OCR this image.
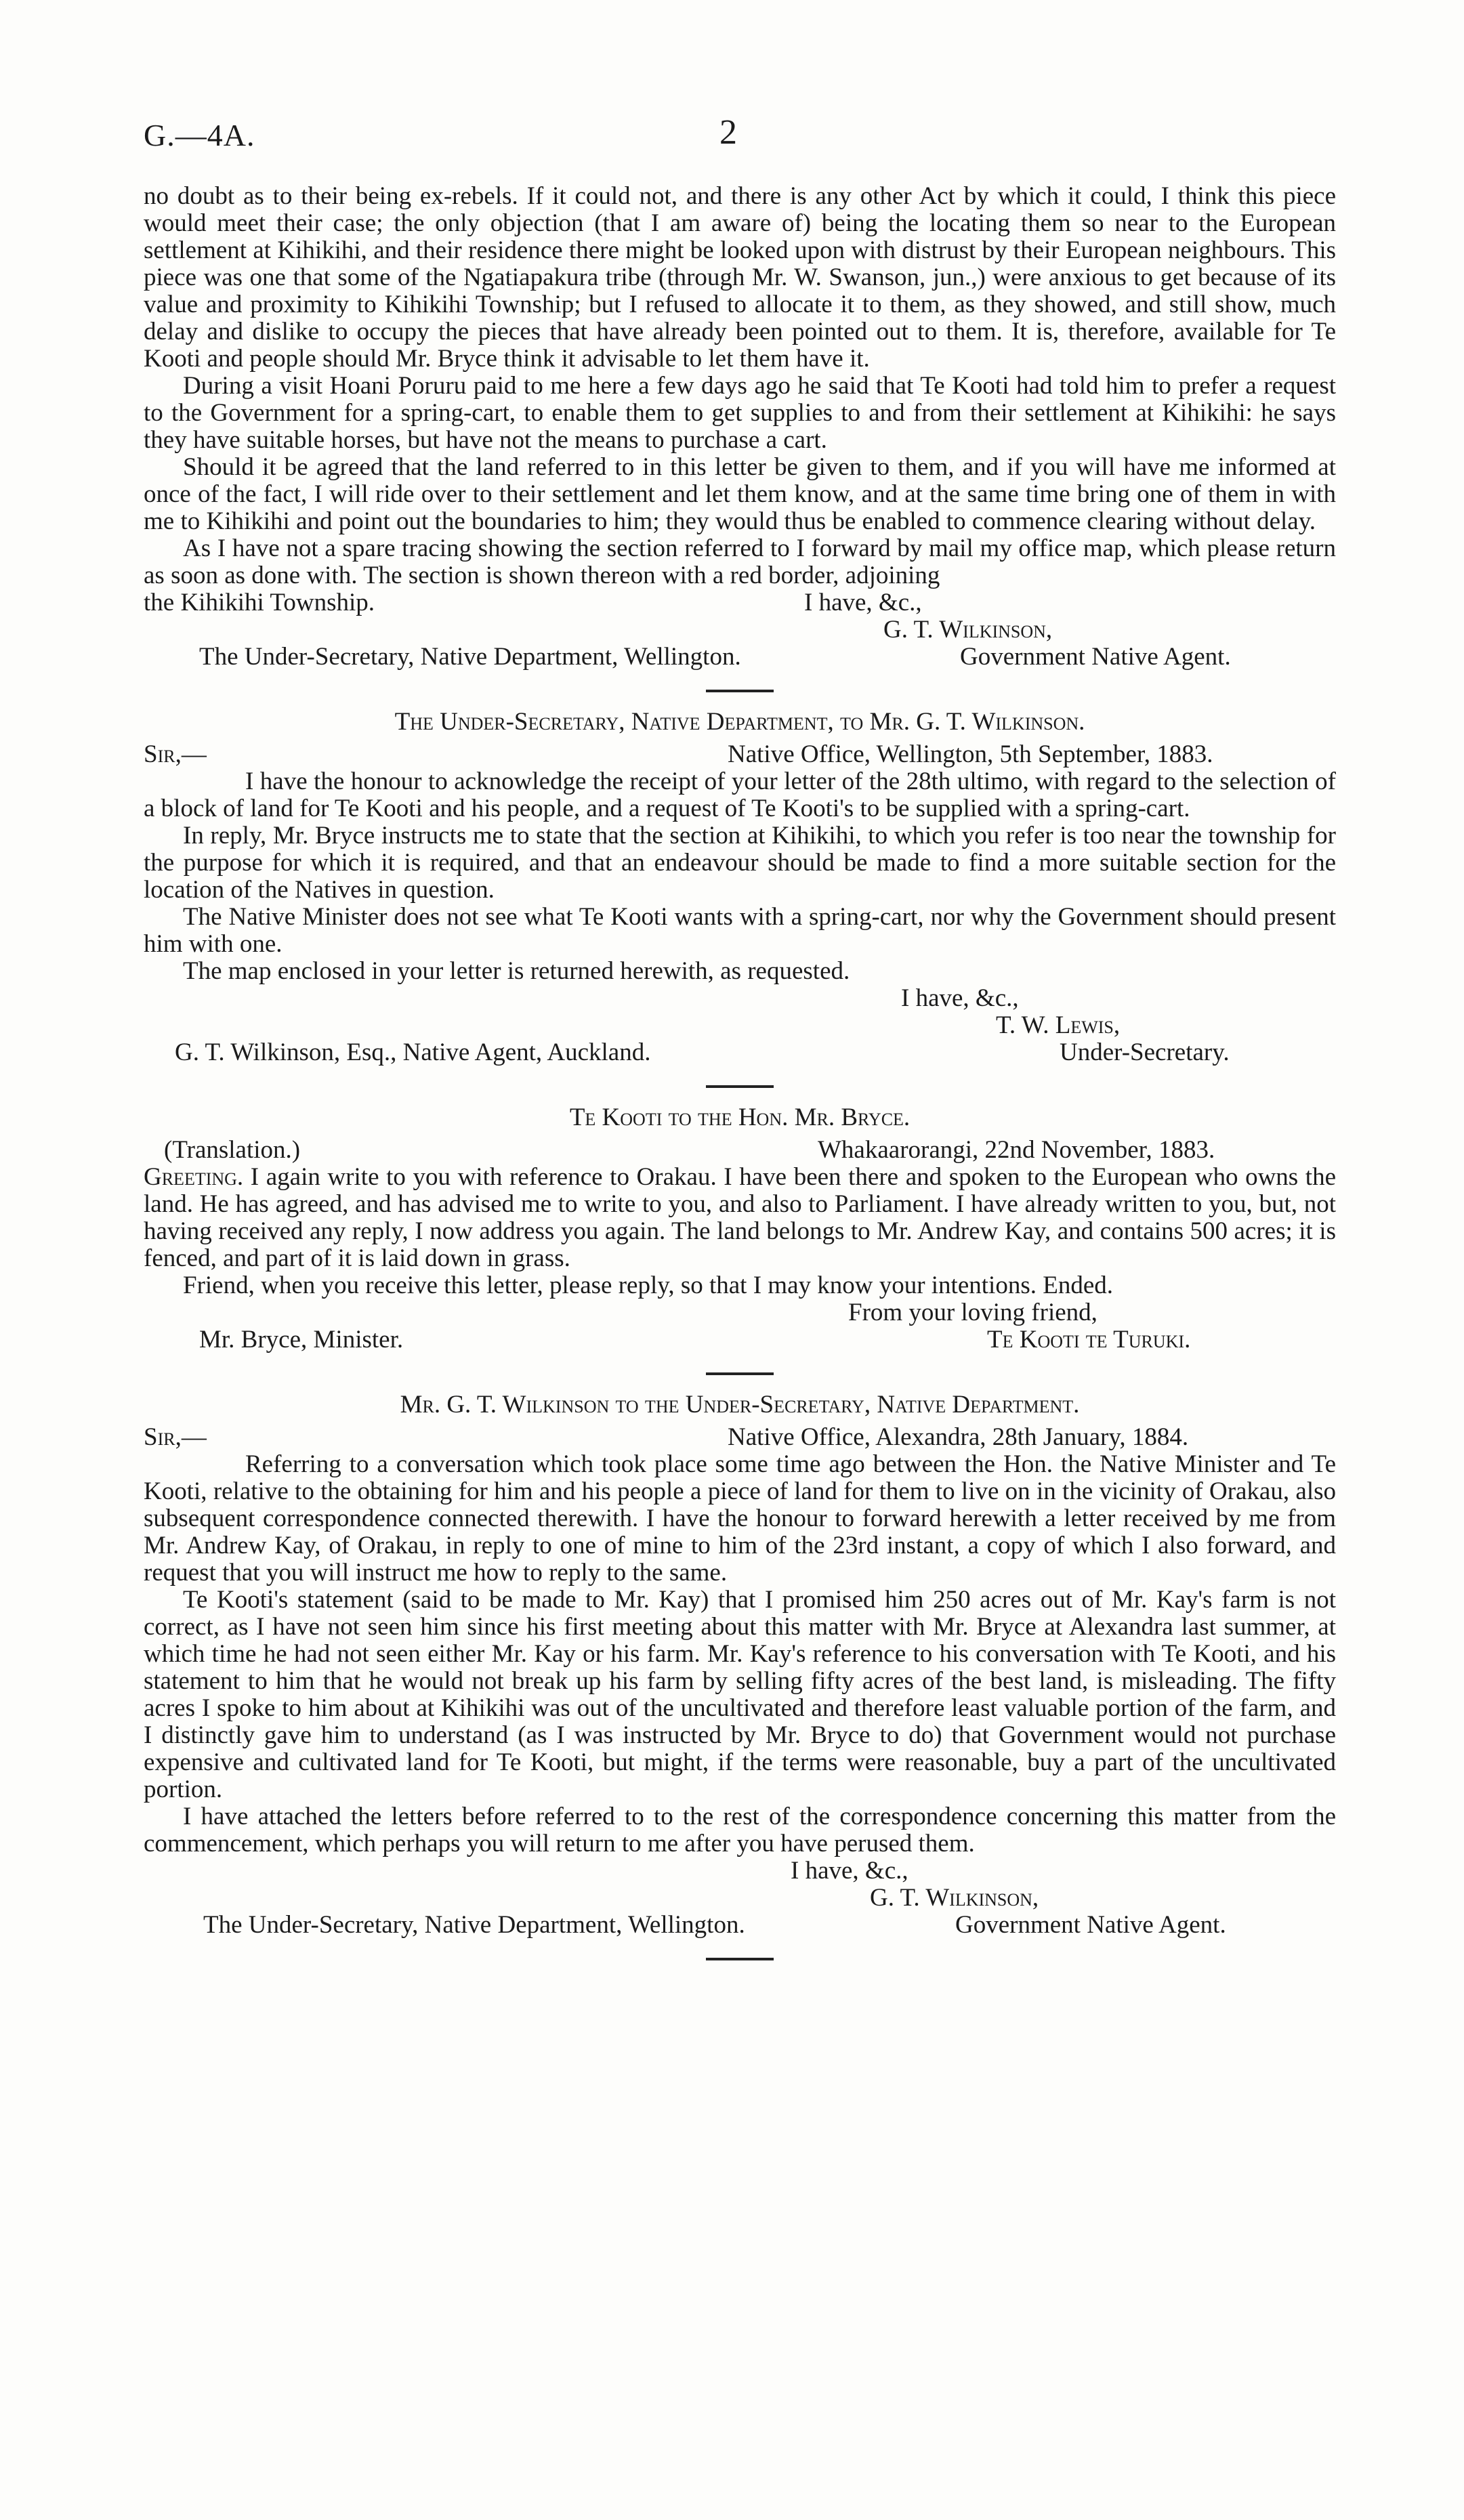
G.—4A.	2

no doubt as to their being ex-rebels. If it could not, and there is any other Act by which it could, I think this piece would meet their case; the only objection (that I am aware of) being the locating them so near to the European settlement at Kihikihi, and their residence there might be looked upon with distrust by their European neighbours. This piece was one that some of the Ngatiapakura tribe (through Mr. W. Swanson, jun.,) were anxious to get because of its value and proximity to Kihikihi Township; but I refused to allocate it to them, as they showed, and still show, much delay and dislike to occupy the pieces that have already been pointed out to them. It is, therefore, available for Te Kooti and people should Mr. Bryce think it advisable to let them have it.

During a visit Hoani Poruru paid to me here a few days ago he said that Te Kooti had told him to prefer a request to the Government for a spring-cart, to enable them to get supplies to and from their settlement at Kihikihi: he says they have suitable horses, but have not the means to purchase a cart.

Should it be agreed that the land referred to in this letter be given to them, and if you will have me informed at once of the fact, I will ride over to their settlement and let them know, and at the same time bring one of them in with me to Kihikihi and point out the boundaries to him; they would thus be enabled to commence clearing without delay.

As I have not a spare tracing showing the section referred to I forward by mail my office map, which please return as soon as done with. The section is shown thereon with a red border, adjoining

the Kihikihi Township.	I have, &c.,
G. T. Wilkinson,
The Under-Secretary, Native Department, Wellington.	Government Native Agent.
The Under-Secretary, Native Department, to Mr. G. T. Wilkinson.
Sir,—	Native Office, Wellington, 5th September, 1883.

I have the honour to acknowledge the receipt of your letter of the 28th ultimo, with regard to the selection of a block of land for Te Kooti and his people, and a request of Te Kooti's to be supplied with a spring-cart.

In reply, Mr. Bryce instructs me to state that the section at Kihikihi, to which you refer is too near the township for the purpose for which it is required, and that an endeavour should be made to find a more suitable section for the location of the Natives in question.

The Native Minister does not see what Te Kooti wants with a spring-cart, nor why the Government should present him with one.

The map enclosed in your letter is returned herewith, as requested.

I have, &c.,
T. W. Lewis,
G. T. Wilkinson, Esq., Native Agent, Auckland.	Under-Secretary.
Te Kooti to the Hon. Mr. Bryce.
(Translation.)	Whakaarorangi, 22nd November, 1883.

Greeting. I again write to you with reference to Orakau. I have been there and spoken to the European who owns the land. He has agreed, and has advised me to write to you, and also to Parliament. I have already written to you, but, not having received any reply, I now address you again. The land belongs to Mr. Andrew Kay, and contains 500 acres; it is fenced, and part of it is laid down in grass.

Friend, when you receive this letter, please reply, so that I may know your intentions. Ended.

From your loving friend,
Mr. Bryce, Minister.	Te Kooti te Turuki.
Mr. G. T. Wilkinson to the Under-Secretary, Native Department.
Sir,—	Native Office, Alexandra, 28th January, 1884.

Referring to a conversation which took place some time ago between the Hon. the Native Minister and Te Kooti, relative to the obtaining for him and his people a piece of land for them to live on in the vicinity of Orakau, also subsequent correspondence connected therewith. I have the honour to forward herewith a letter received by me from Mr. Andrew Kay, of Orakau, in reply to one of mine to him of the 23rd instant, a copy of which I also forward, and request that you will instruct me how to reply to the same.

Te Kooti's statement (said to be made to Mr. Kay) that I promised him 250 acres out of Mr. Kay's farm is not correct, as I have not seen him since his first meeting about this matter with Mr. Bryce at Alexandra last summer, at which time he had not seen either Mr. Kay or his farm. Mr. Kay's reference to his conversation with Te Kooti, and his statement to him that he would not break up his farm by selling fifty acres of the best land, is misleading. The fifty acres I spoke to him about at Kihikihi was out of the uncultivated and therefore least valuable portion of the farm, and I distinctly gave him to understand (as I was instructed by Mr. Bryce to do) that Government would not purchase expensive and cultivated land for Te Kooti, but might, if the terms were reasonable, buy a part of the uncultivated portion.

I have attached the letters before referred to to the rest of the correspondence concerning this matter from the commencement, which perhaps you will return to me after you have perused them.

I have, &c.,
G. T. Wilkinson,
The Under-Secretary, Native Department, Wellington.	Government Native Agent.
